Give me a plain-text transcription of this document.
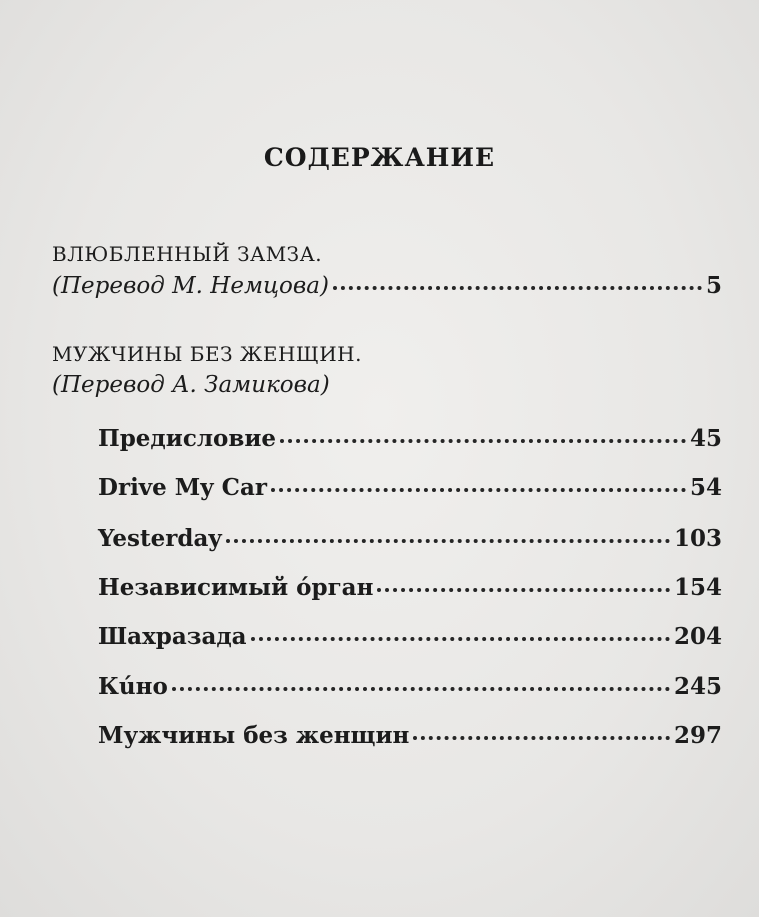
СОДЕРЖАНИЕ
ВЛЮБЛЕННЫЙ ЗАМЗА.
(Перевод М. Немцова)	5
МУЖЧИНЫ БЕЗ ЖЕНЩИН.
(Перевод А. Замикова)
Предисловие	45
Drive My Car	54
Yesterday	103
Независимый óрган	154
Шахразада	204
Кúно	245
Мужчины без женщин	297
